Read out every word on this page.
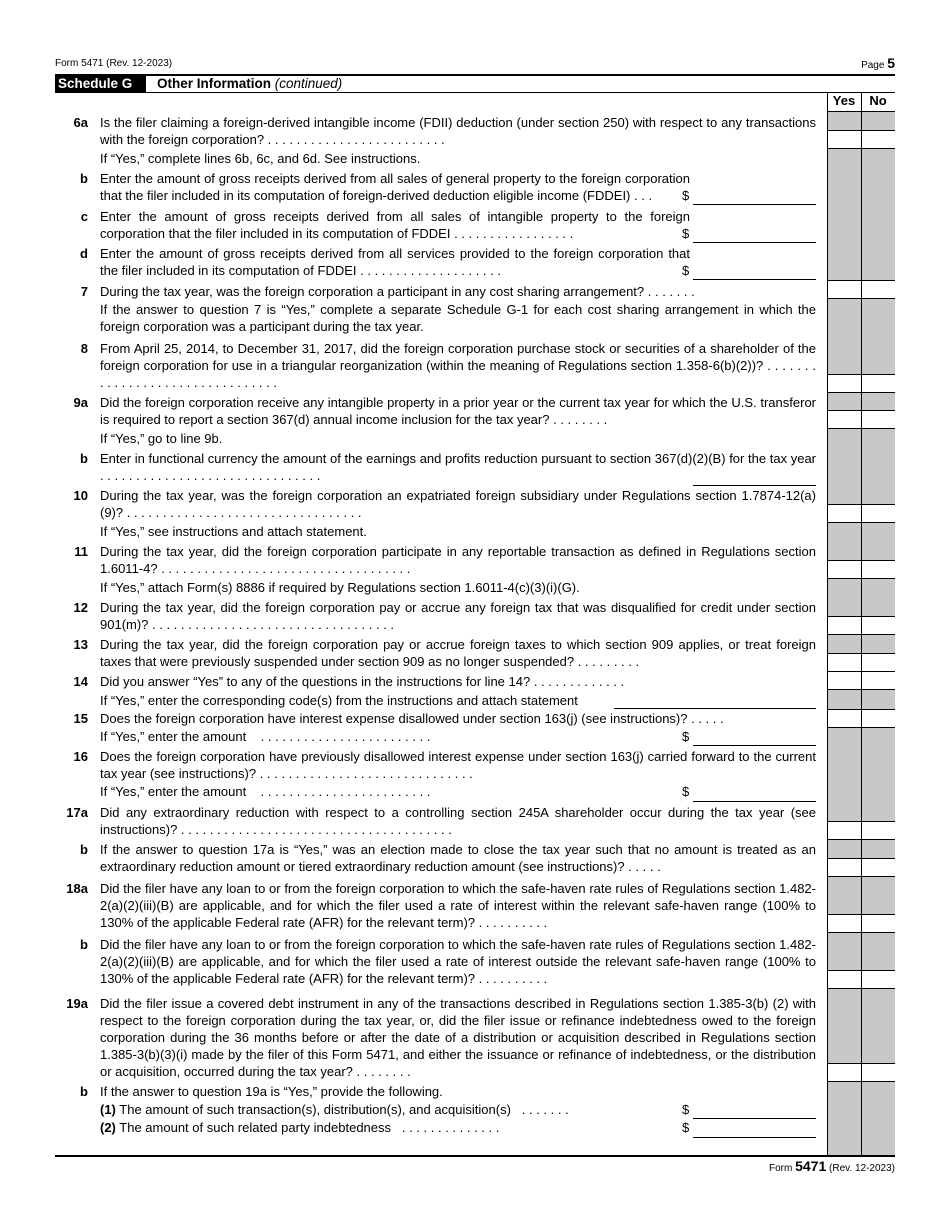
Form 5471 (Rev. 12-2023)	Page 5
Schedule G	Other Information (continued)
Yes	No
6a Is the filer claiming a foreign-derived intangible income (FDII) deduction (under section 250) with respect to any transactions with the foreign corporation? . . . . . . . . . . . . . . . . . . . . . . . . .
If “Yes,” complete lines 6b, 6c, and 6d. See instructions.
b Enter the amount of gross receipts derived from all sales of general property to the foreign corporation that the filer included in its computation of foreign-derived deduction eligible income (FDDEI) . . .	$
c Enter the amount of gross receipts derived from all sales of intangible property to the foreign corporation that the filer included in its computation of FDDEI . . . . . . . . . . . . . . . . .	$
d Enter the amount of gross receipts derived from all services provided to the foreign corporation that the filer included in its computation of FDDEI . . . . . . . . . . . . . . . . . . . .	$
7 During the tax year, was the foreign corporation a participant in any cost sharing arrangement? . . . . . . .
If the answer to question 7 is “Yes,” complete a separate Schedule G-1 for each cost sharing arrangement in which the foreign corporation was a participant during the tax year.
8 From April 25, 2014, to December 31, 2017, did the foreign corporation purchase stock or securities of a shareholder of the foreign corporation for use in a triangular reorganization (within the meaning of Regulations section 1.358-6(b)(2))? . . . . . . . . . . . . . . . . . . . . . . . . . . . . . . . .
9a Did the foreign corporation receive any intangible property in a prior year or the current tax year for which the U.S. transferor is required to report a section 367(d) annual income inclusion for the tax year? . . . . . . . .
If “Yes,” go to line 9b.
b Enter in functional currency the amount of the earnings and profits reduction pursuant to section 367(d)(2)(B) for the tax year . . . . . . . . . . . . . . . . . . . . . . . . . . . . . . .
10 During the tax year, was the foreign corporation an expatriated foreign subsidiary under Regulations section 1.7874-12(a)(9)? . . . . . . . . . . . . . . . . . . . . . . . . . . . . . . . . .
If “Yes,” see instructions and attach statement.
11 During the tax year, did the foreign corporation participate in any reportable transaction as defined in Regulations section 1.6011-4? . . . . . . . . . . . . . . . . . . . . . . . . . . . . . . . . . . .
If “Yes,” attach Form(s) 8886 if required by Regulations section 1.6011-4(c)(3)(i)(G).
12 During the tax year, did the foreign corporation pay or accrue any foreign tax that was disqualified for credit under section 901(m)? . . . . . . . . . . . . . . . . . . . . . . . . . . . . . . . . . .
13 During the tax year, did the foreign corporation pay or accrue foreign taxes to which section 909 applies, or treat foreign taxes that were previously suspended under section 909 as no longer suspended? . . . . . . . . .
14 Did you answer “Yes” to any of the questions in the instructions for line 14? . . . . . . . . . . . . .
If “Yes,” enter the corresponding code(s) from the instructions and attach statement
15 Does the foreign corporation have interest expense disallowed under section 163(j) (see instructions)? . . . . .
If “Yes,” enter the amount    . . . . . . . . . . . . . . . . . . . . . . . .	$
16 Does the foreign corporation have previously disallowed interest expense under section 163(j) carried forward to the current tax year (see instructions)? . . . . . . . . . . . . . . . . . . . . . . . . . . . . . .
If “Yes,” enter the amount    . . . . . . . . . . . . . . . . . . . . . . . .	$
17a Did any extraordinary reduction with respect to a controlling section 245A shareholder occur during the tax year (see instructions)? . . . . . . . . . . . . . . . . . . . . . . . . . . . . . . . . . . . . . .
b If the answer to question 17a is “Yes,” was an election made to close the tax year such that no amount is treated as an extraordinary reduction amount or tiered extraordinary reduction amount (see instructions)? . . . . .
18a Did the filer have any loan to or from the foreign corporation to which the safe-haven rate rules of Regulations section 1.482-2(a)(2)(iii)(B) are applicable, and for which the filer used a rate of interest within the relevant safe-haven range (100% to 130% of the applicable Federal rate (AFR) for the relevant term)? . . . . . . . . . .
b Did the filer have any loan to or from the foreign corporation to which the safe-haven rate rules of Regulations section 1.482-2(a)(2)(iii)(B) are applicable, and for which the filer used a rate of interest outside the relevant safe-haven range (100% to 130% of the applicable Federal rate (AFR) for the relevant term)? . . . . . . . . . .
19a Did the filer issue a covered debt instrument in any of the transactions described in Regulations section 1.385-3(b) (2) with respect to the foreign corporation during the tax year, or, did the filer issue or refinance indebtedness owed to the foreign corporation during the 36 months before or after the date of a distribution or acquisition described in Regulations section 1.385-3(b)(3)(i) made by the filer of this Form 5471, and either the issuance or refinance of indebtedness, or the distribution or acquisition, occurred during the tax year? . . . . . . . .
b If the answer to question 19a is “Yes,” provide the following.
(1) The amount of such transaction(s), distribution(s), and acquisition(s)   . . . . . . .	$
(2) The amount of such related party indebtedness   . . . . . . . . . . . . . .	$
Form 5471 (Rev. 12-2023)
